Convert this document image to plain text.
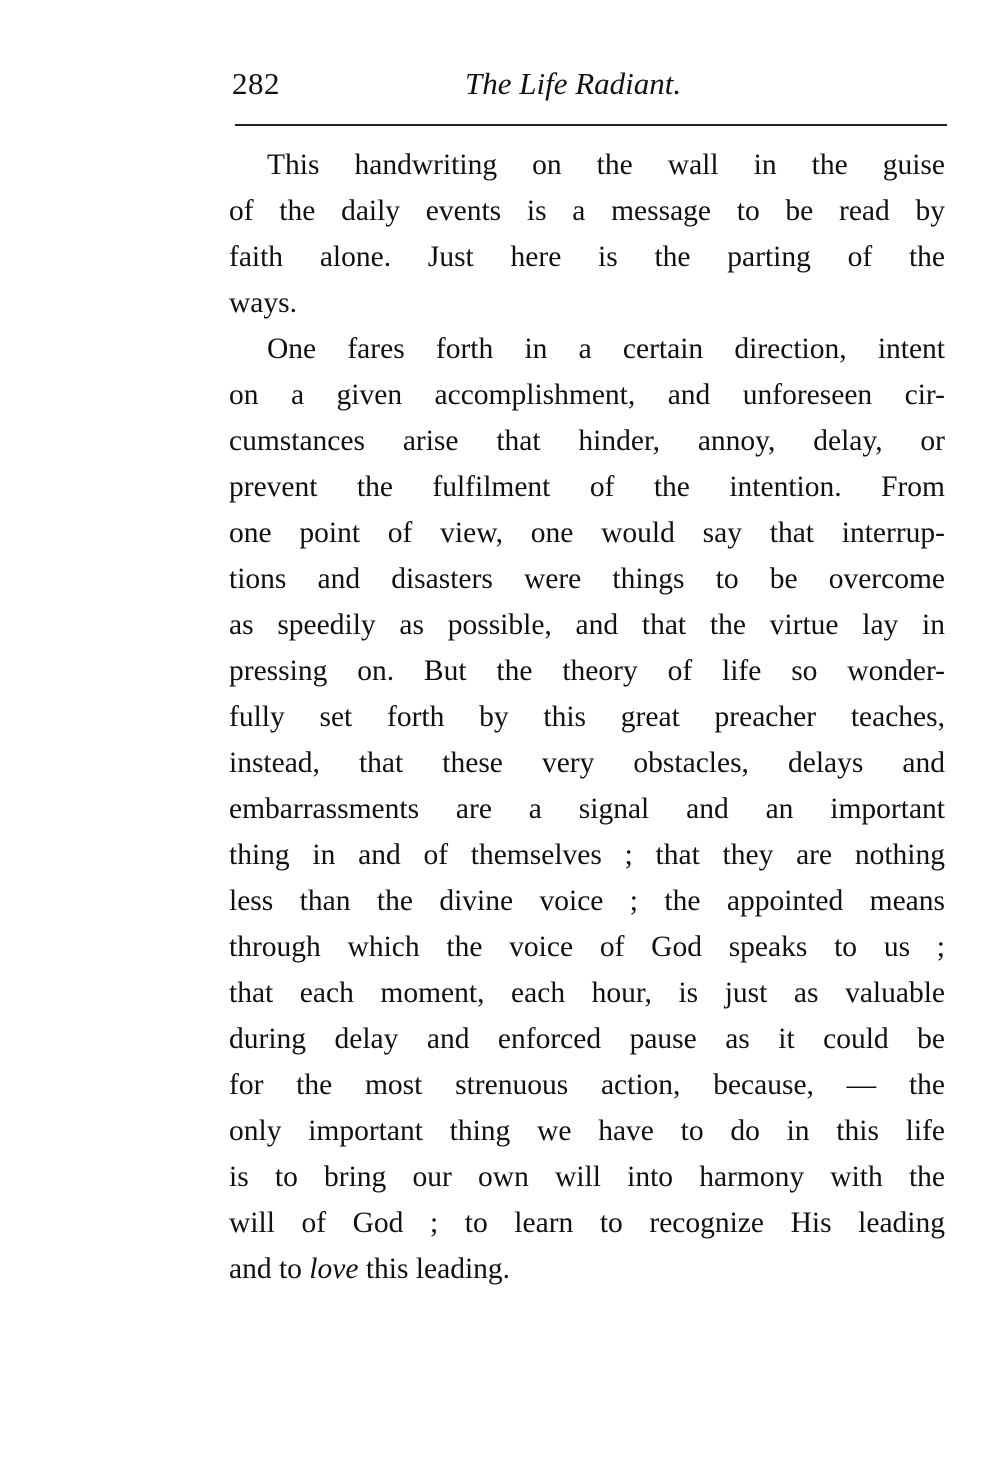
282	The Life Radiant.
This handwriting on the wall in the guise
of the daily events is a message to be read by
faith alone. Just here is the parting of the
ways.
One fares forth in a certain direction, intent
on a given accomplishment, and unforeseen cir-
cumstances arise that hinder, annoy, delay, or
prevent the fulfilment of the intention. From
one point of view, one would say that interrup-
tions and disasters were things to be overcome
as speedily as possible, and that the virtue lay in
pressing on. But the theory of life so wonder-
fully set forth by this great preacher teaches,
instead, that these very obstacles, delays and
embarrassments are a signal and an important
thing in and of themselves ; that they are nothing
less than the divine voice ; the appointed means
through which the voice of God speaks to us ;
that each moment, each hour, is just as valuable
during delay and enforced pause as it could be
for the most strenuous action, because, — the
only important thing we have to do in this life
is to bring our own will into harmony with the
will of God ; to learn to recognize His leading
and to love this leading.
